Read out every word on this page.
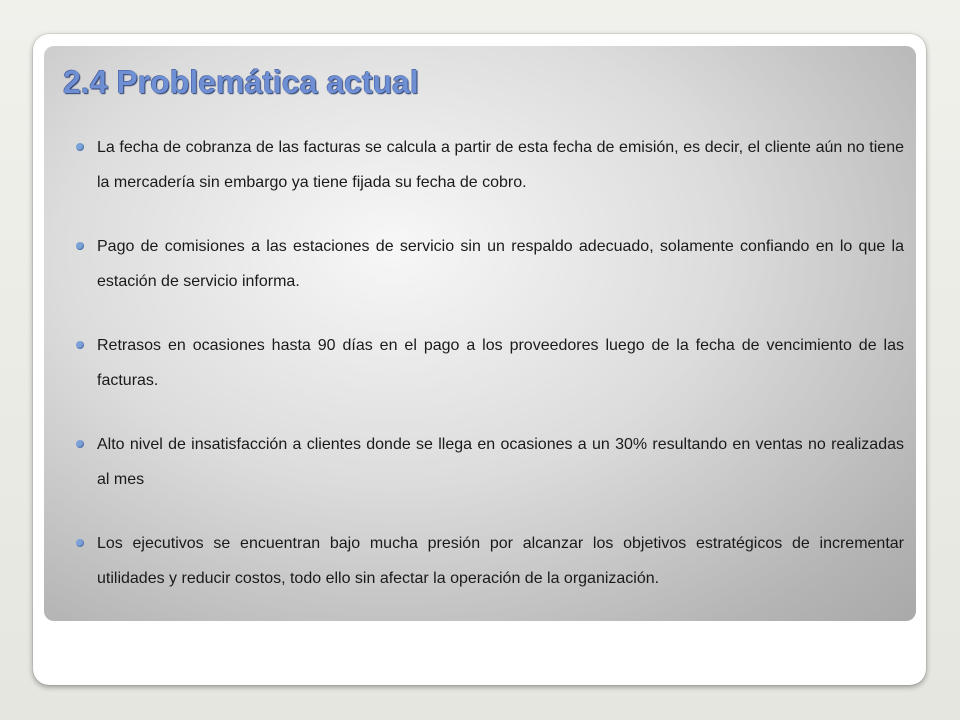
2.4 Problemática actual
La fecha de cobranza de las facturas se calcula a partir de esta fecha de emisión, es decir, el cliente aún no tiene la mercadería sin embargo ya tiene fijada su fecha de cobro.
Pago de comisiones a las estaciones de servicio sin un respaldo adecuado, solamente confiando en lo que la estación de servicio informa.
Retrasos en ocasiones hasta 90 días en el pago a los proveedores luego de la fecha de vencimiento de las facturas.
Alto nivel de insatisfacción a clientes donde se llega en ocasiones a un 30% resultando en ventas no realizadas al mes
Los ejecutivos se encuentran bajo mucha presión por alcanzar los objetivos estratégicos de incrementar utilidades y reducir costos, todo ello sin afectar la operación de la organización.
